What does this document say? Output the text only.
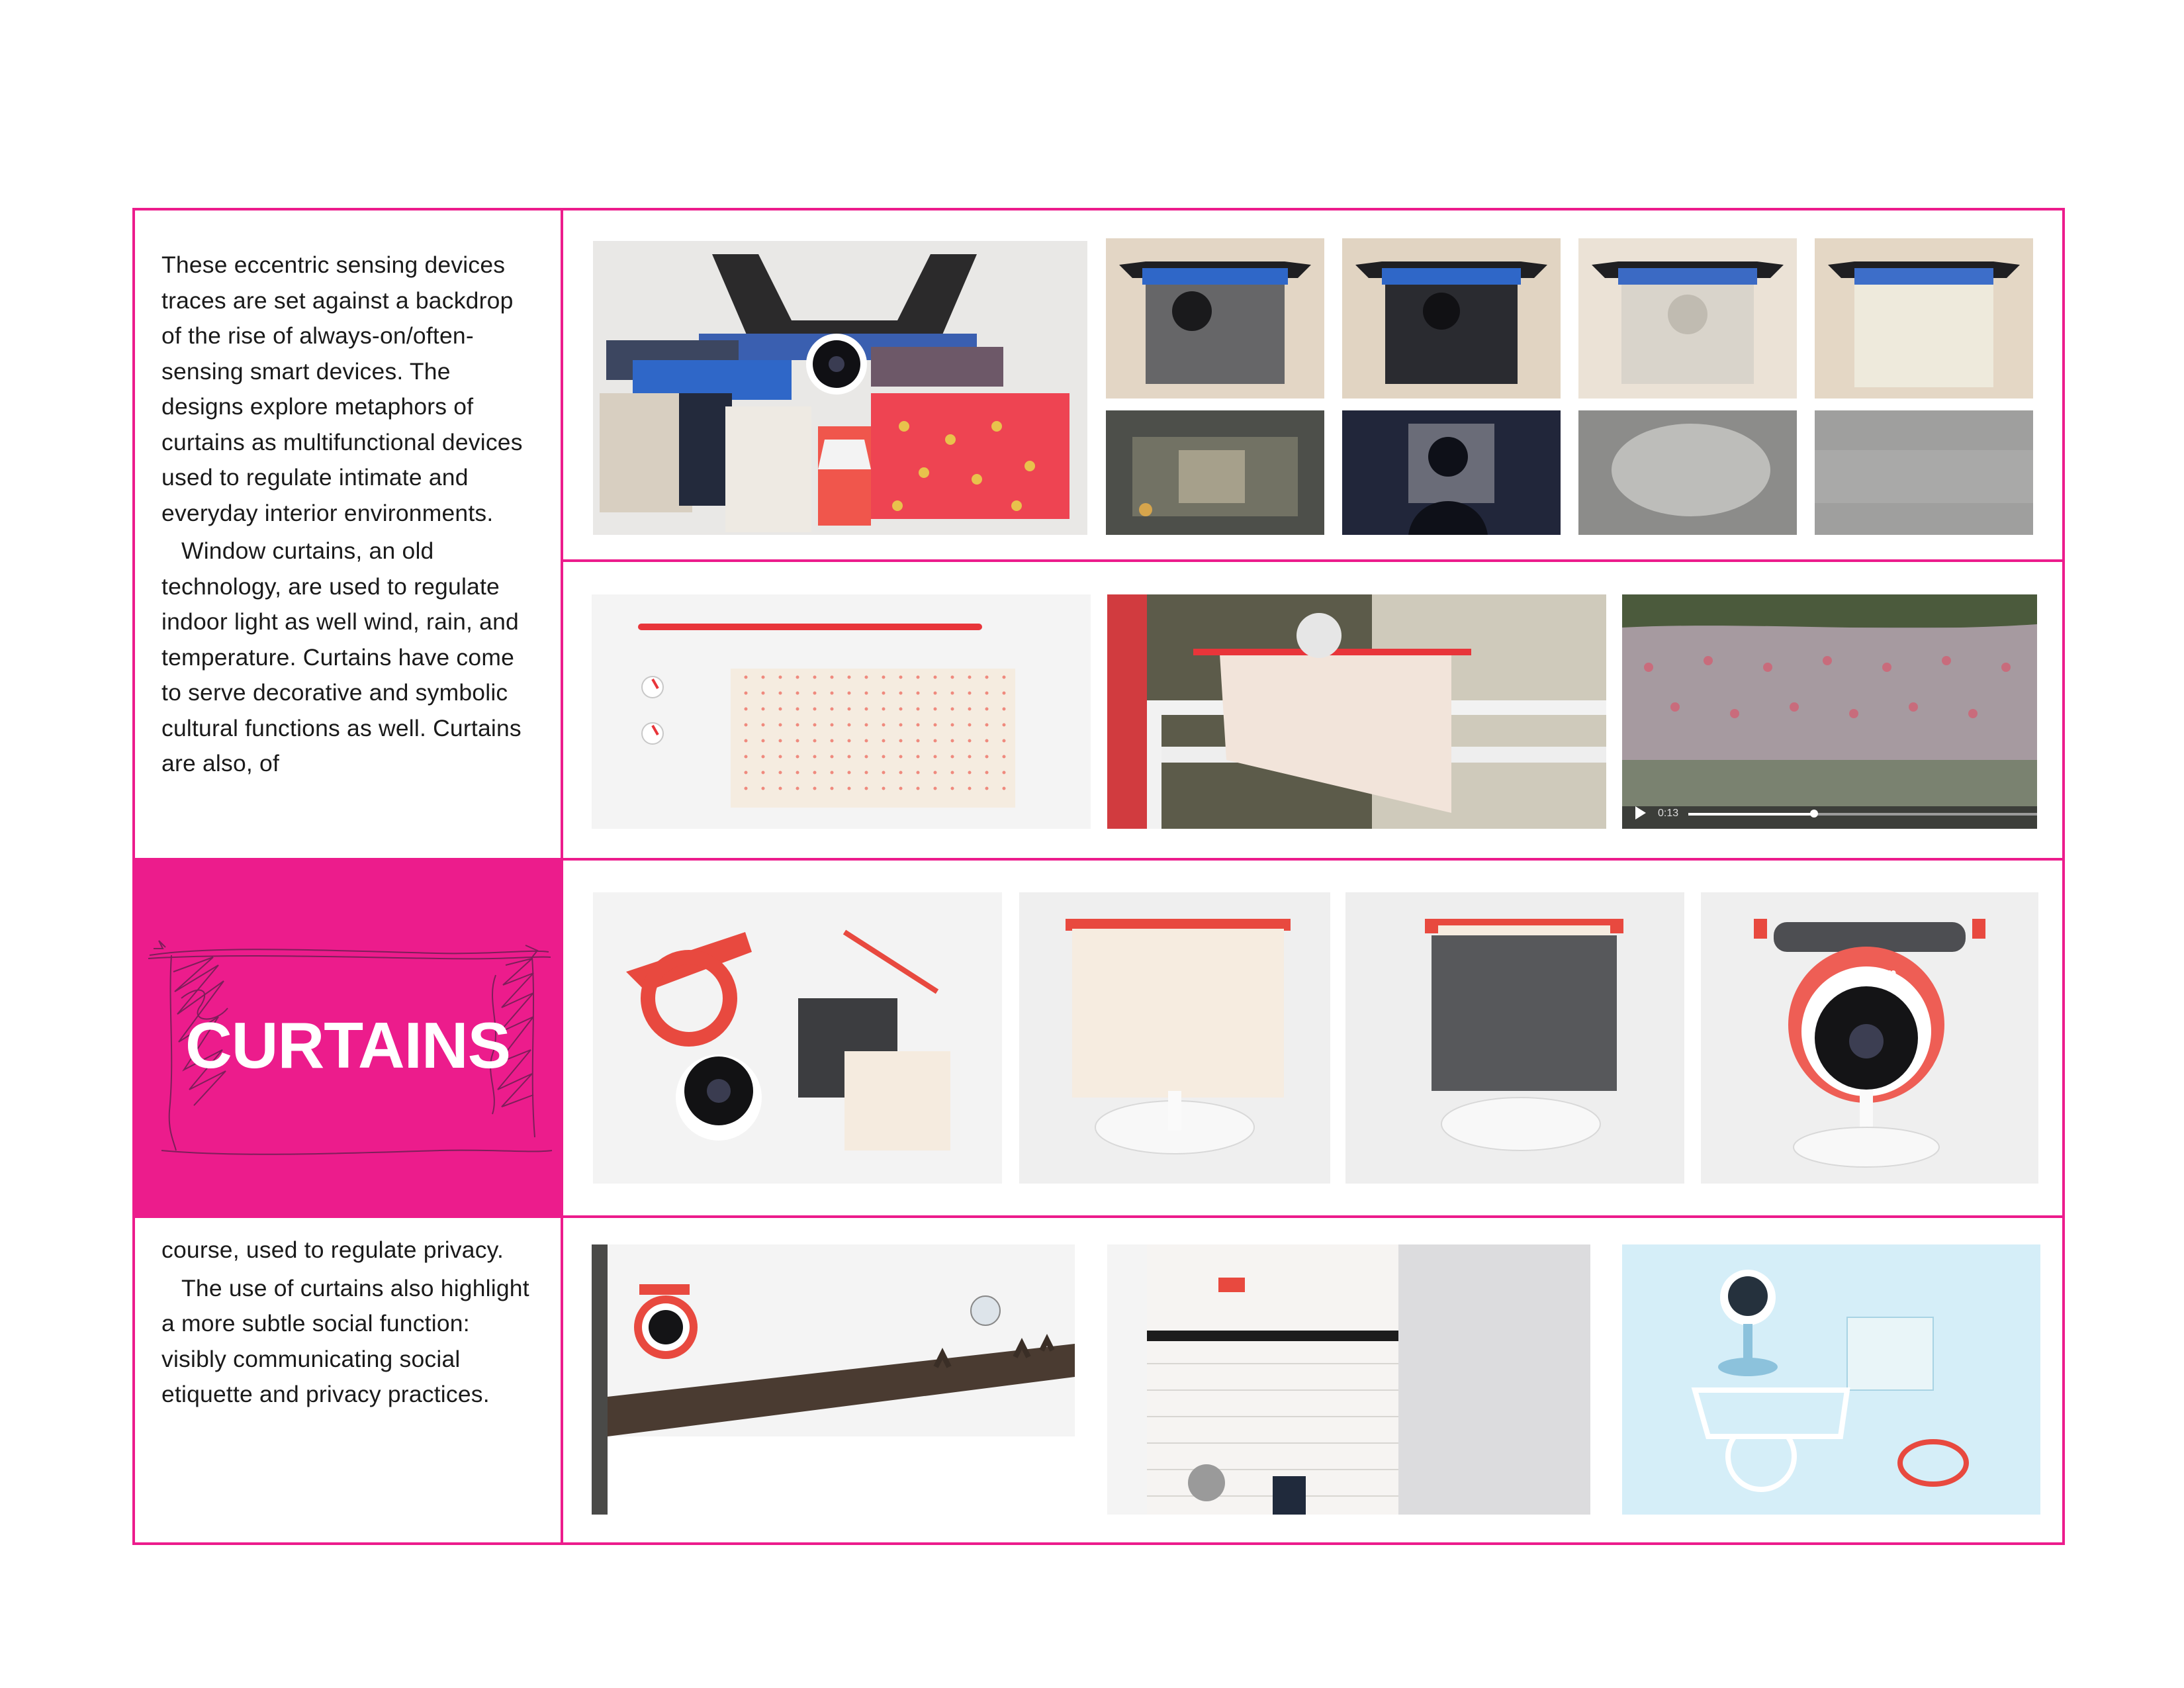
These eccentric sensing devices traces are set against a backdrop of the rise of always-on/often-sensing smart devices. The designs explore metaphors of curtains as multifunctional devices used to regulate intimate and everyday interior environments.

Window curtains, an old technology, are used to regulate indoor light as well wind, rain, and temperature. Curtains have come to serve decorative and symbolic cultural functions as well. Curtains are also, of

CURTAINS

course, used to regulate privacy.

The use of curtains also highlight a more subtle social function: visibly communicating social etiquette and privacy practices.

0:13
amazon
